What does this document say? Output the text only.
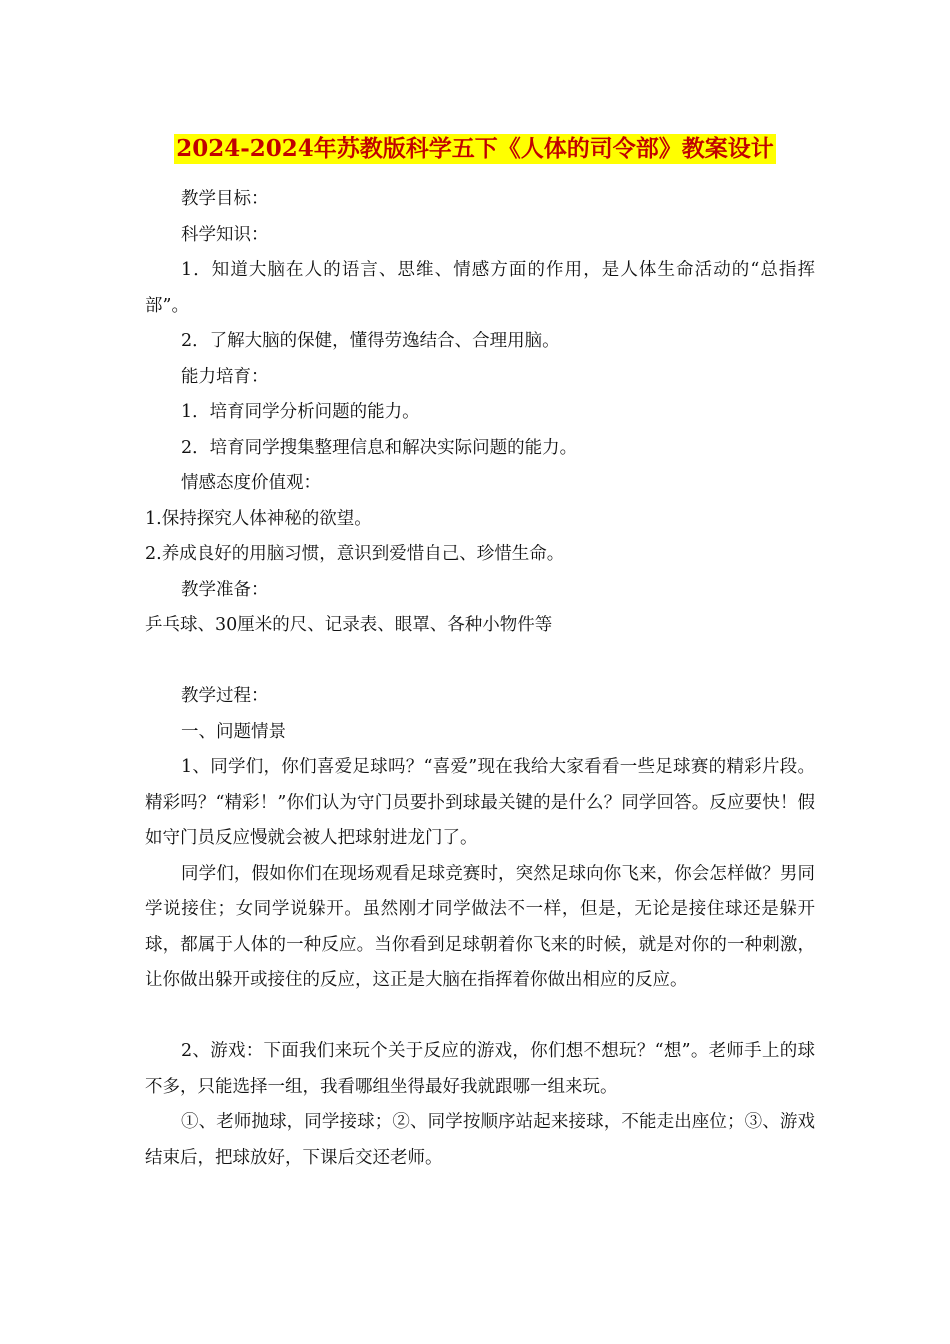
2024-2024年苏教版科学五下《人体的司令部》教案设计

教学目标：

科学知识：

1．知道大脑在人的语言、思维、情感方面的作用，是人体生命活动的“总指挥部”。

2．了解大脑的保健，懂得劳逸结合、合理用脑。

能力培育：

1．培育同学分析问题的能力。

2．培育同学搜集整理信息和解决实际问题的能力。

情感态度价值观：

1.保持探究人体神秘的欲望。

2.养成良好的用脑习惯，意识到爱惜自己、珍惜生命。

教学准备：

乒乓球、30厘米的尺、记录表、眼罩、各种小物件等

教学过程：

一、问题情景

1、同学们，你们喜爱足球吗？“喜爱”现在我给大家看看一些足球赛的精彩片段。精彩吗？“精彩！”你们认为守门员要扑到球最关键的是什么？同学回答。反应要快！假如守门员反应慢就会被人把球射进龙门了。

同学们，假如你们在现场观看足球竞赛时，突然足球向你飞来，你会怎样做？男同学说接住；女同学说躲开。虽然刚才同学做法不一样，但是，无论是接住球还是躲开球，都属于人体的一种反应。当你看到足球朝着你飞来的时候，就是对你的一种刺激，让你做出躲开或接住的反应，这正是大脑在指挥着你做出相应的反应。

2、游戏：下面我们来玩个关于反应的游戏，你们想不想玩？“想”。老师手上的球不多，只能选择一组，我看哪组坐得最好我就跟哪一组来玩。

①、老师抛球，同学接球；②、同学按顺序站起来接球，不能走出座位；③、游戏结束后，把球放好，下课后交还老师。
